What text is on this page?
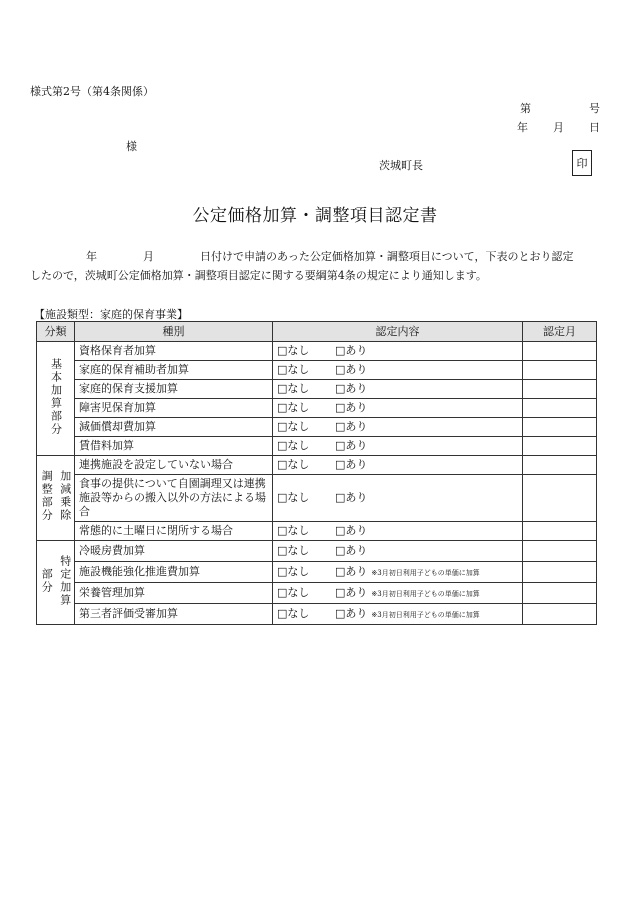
様式第2号（第4条関係）
第	号
年 月 日
様
茨城町長	印
公定価格加算・調整項目認定書
年	月	日付けで申請のあった公定価格加算・調整項目について，下表のとおり認定
したので，茨城町公定価格加算・調整項目認定に関する要綱第4条の規定により通知します。
【施設類型：家庭的保育事業】
分類		種別	認定内容	認定月
基本加算部分		資格保育者加算	□なし □あり	
		家庭的保育補助者加算	□なし □あり	
		家庭的保育支援加算	□なし □あり	
		障害児保育加算	□なし □あり	
		減価償却費加算	□なし □あり	
		賃借料加算	□なし □あり	
調整部分	加減乗除	連携施設を設定していない場合	□なし □あり	
		食事の提供について自園調理又は連携施設等からの搬入以外の方法による場合	□なし □あり	
		常態的に土曜日に閉所する場合	□なし □あり	
部分	特定加算	冷暖房費加算	□なし □あり	
		施設機能強化推進費加算	□なし □あり ※3月初日利用子どもの単価に加算	
		栄養管理加算	□なし □あり ※3月初日利用子どもの単価に加算	
		第三者評価受審加算	□なし □あり ※3月初日利用子どもの単価に加算	
